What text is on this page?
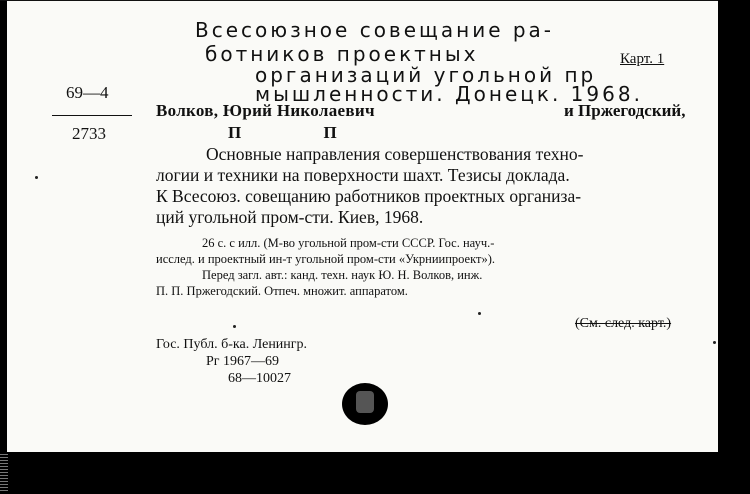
Всесоюзное совещание ра-
ботников проектных
организаций угольной пр
мышленности. Донецк. 1968.
Карт. 1
69—4
2733
Волков, Юрий Николаевич	и Пржегодский,
П П
Основные направления совершенствования техно-
логии и техники на поверхности шахт. Тезисы доклада.
К Всесоюз. совещанию работников проектных организа-
ций угольной пром-сти. Киев, 1968.
26 с. с илл. (М-во угольной пром-сти СССР. Гос. науч.-
исслед. и проектный ин-т угольной пром-сти «Укрниипроект»).
Перед загл. авт.: канд. техн. наук Ю. Н. Волков, инж.
П. П. Пржегодский. Отпеч. множит. аппаратом.
(См. след. карт.)
Гос. Публ. б-ка. Ленингр.
Рг 1967—69
68—10027
